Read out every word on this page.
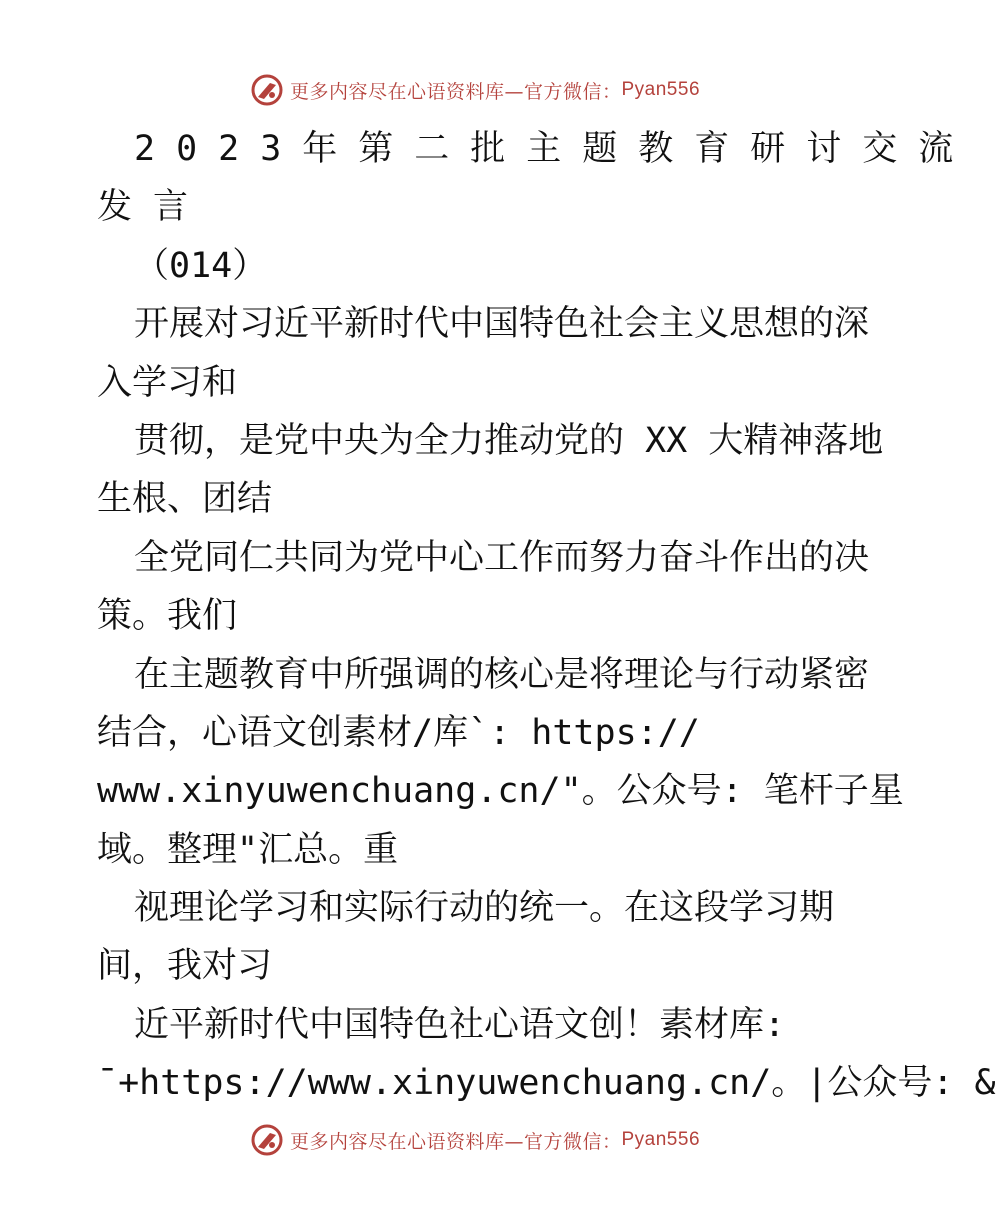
更多内容尽在心语资料库—官方微信： Pyan556
2023年第二批主题教育研讨交流
发言
（014）
开展对习近平新时代中国特色社会主义思想的深
入学习和
贯彻，是党中央为全力推动党的 XX 大精神落地
生根、团结
全党同仁共同为党中心工作而努力奋斗作出的决
策。我们
在主题教育中所强调的核心是将理论与行动紧密
结合，心语文创素材/库`: https://
www.xinyuwenchuang.cn/"。公众号: 笔杆子星
域。整理"汇总。重
视理论学习和实际行动的统一。在这段学习期
间，我对习
近平新时代中国特色社心语文创！素材库:
¯+https://www.xinyuwenchuang.cn/。|公众号: &
更多内容尽在心语资料库—官方微信： Pyan556
